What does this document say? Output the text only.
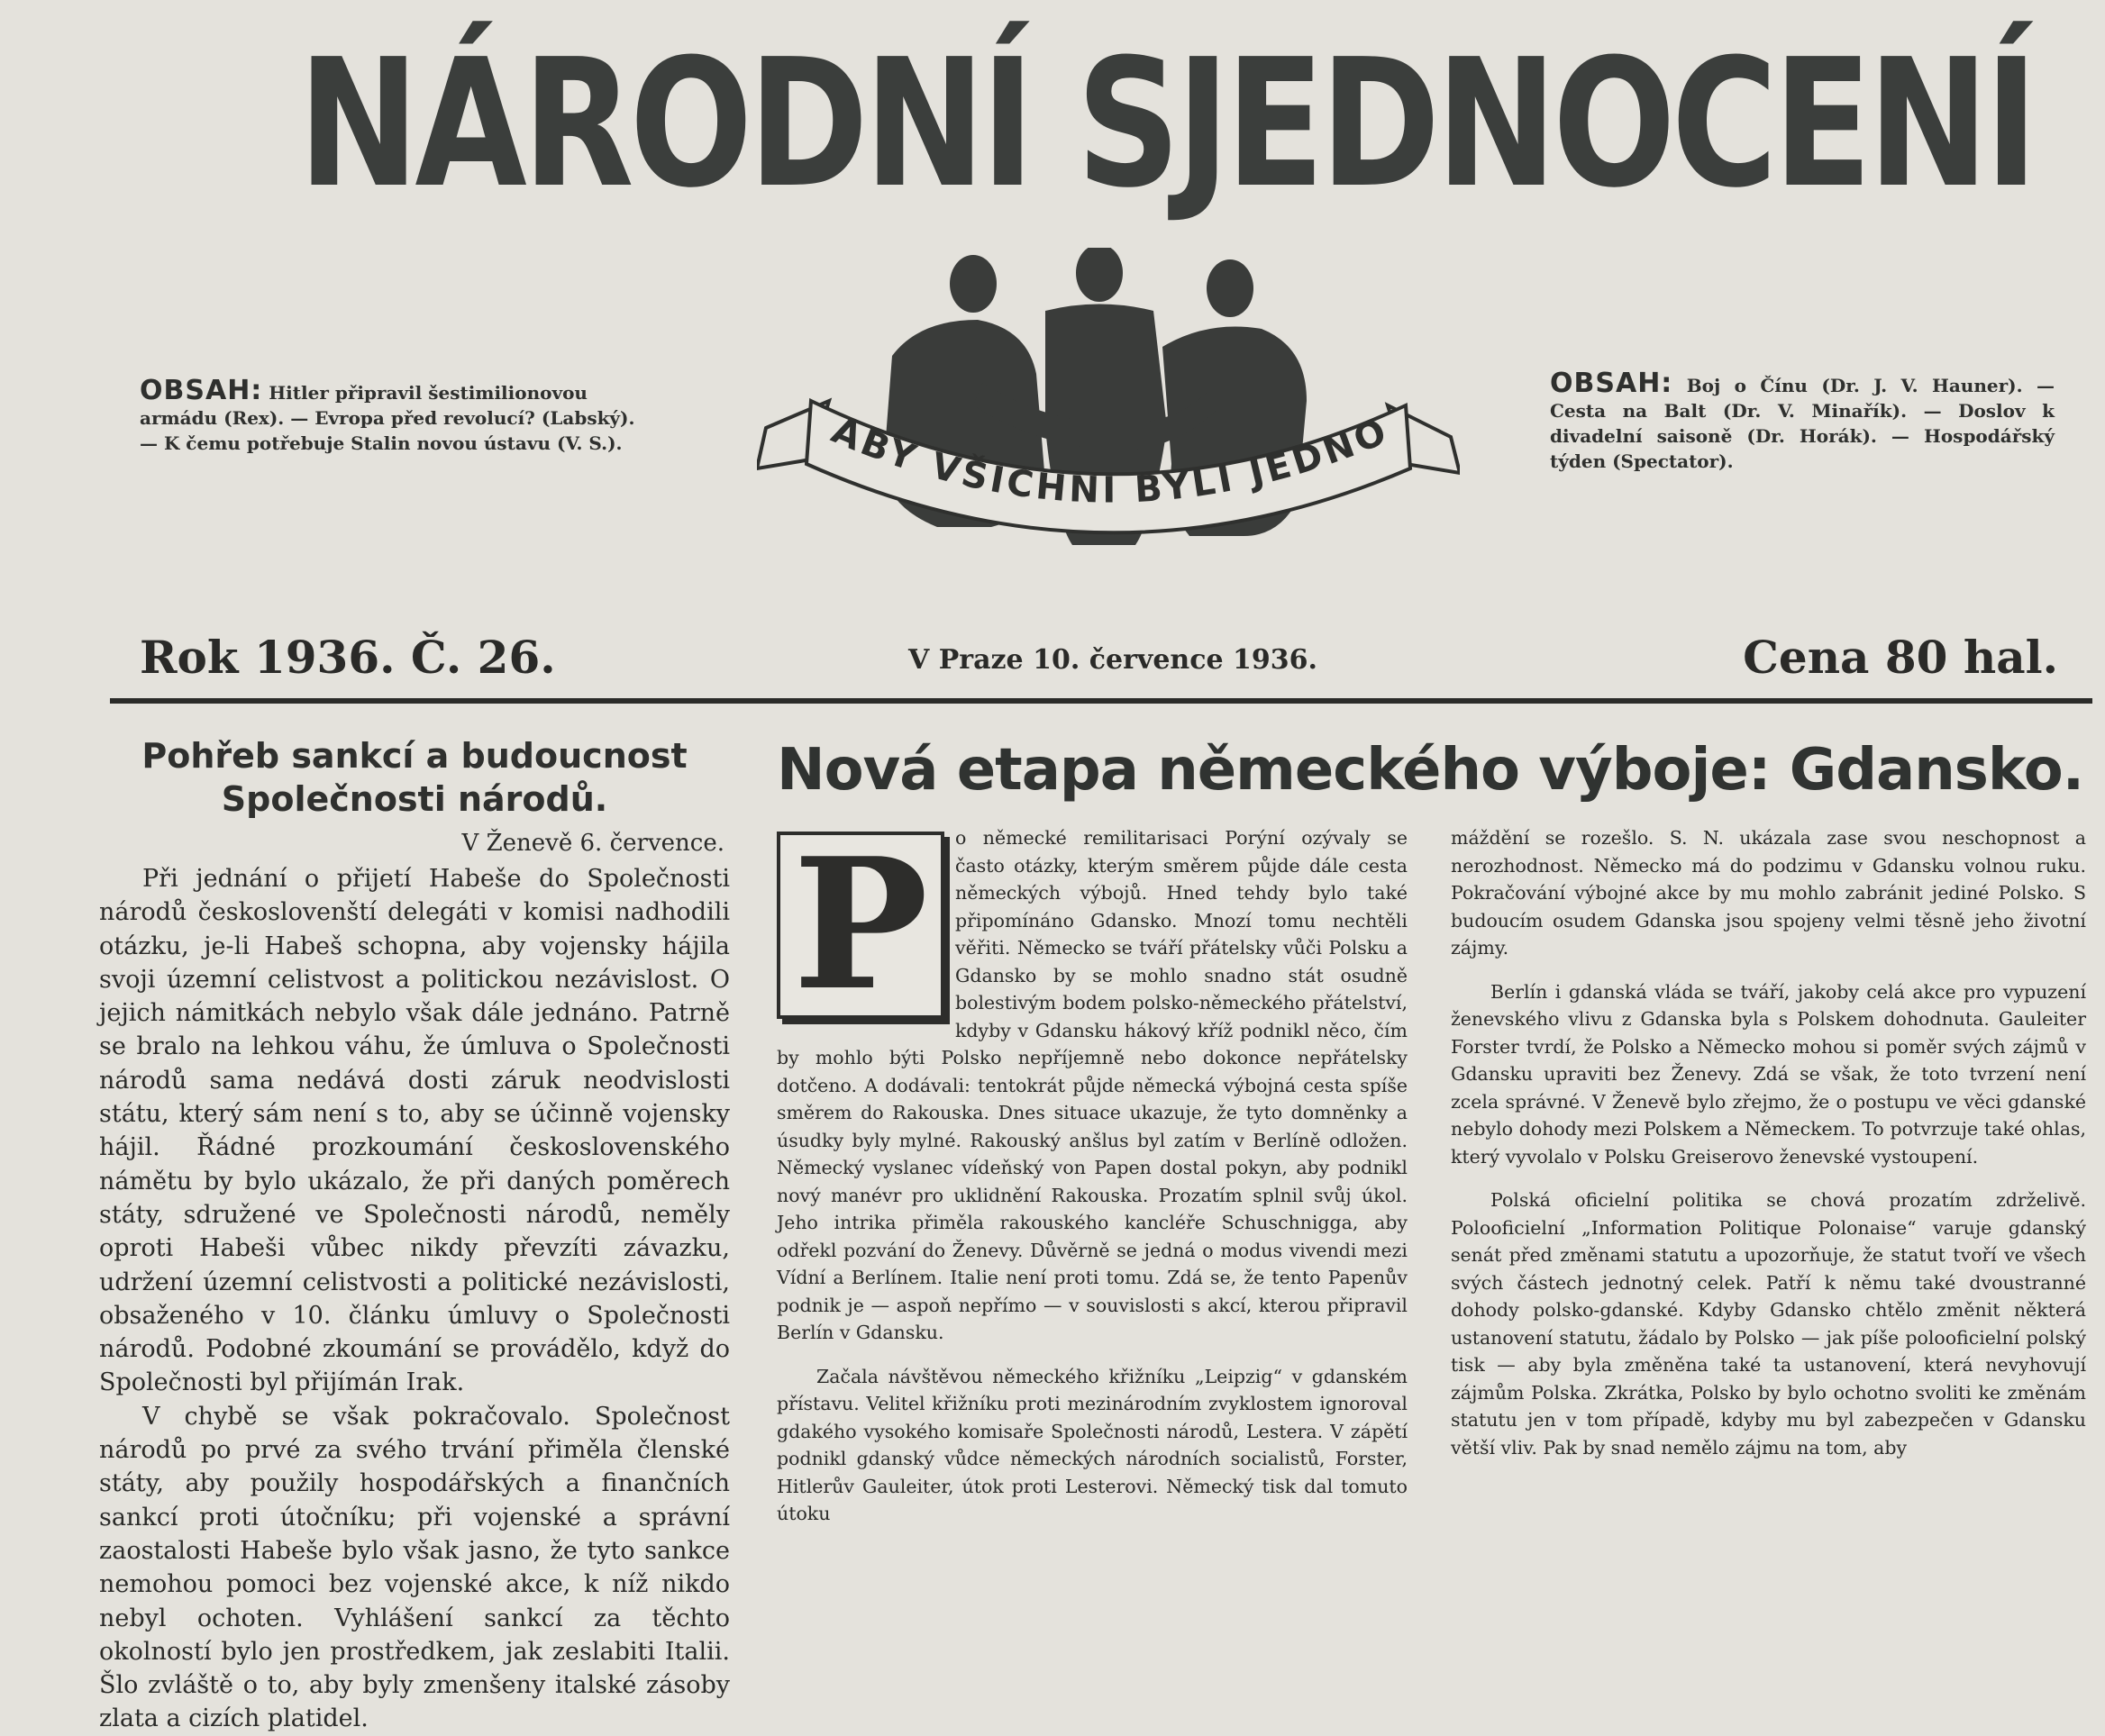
NÁRODNÍ SJEDNOCENÍ
OBSAH: Hitler připravil šestimilionovou armádu (Rex). — Evropa před revolucí? (Labský). — K čemu potřebuje Stalin novou ústavu (V. S.).	ABY VŠICHNI BYLI JEDNO
OBSAH: Boj o Čínu (Dr. J. V. Hauner). — Cesta na Balt (Dr. V. Minařík). — Doslov k divadelní saisoně (Dr. Horák). — Hospodářský týden (Spectator).
Rok 1936. Č. 26.	V Praze 10. července 1936.	Cena 80 hal.
Pohřeb sankcí a budoucnost Společnosti národů.
V Ženevě 6. července.

Při jednání o přijetí Habeše do Společnosti národů českoslovenští delegáti v komisi nadhodili otázku, je-li Habeš schopna, aby vojensky hájila svoji územní celistvost a politickou nezávislost. O jejich námitkách nebylo však dále jednáno. Patrně se bralo na lehkou váhu, že úmluva o Společnosti národů sama nedává dosti záruk neodvislosti státu, který sám není s to, aby se účinně vojensky hájil. Řádné prozkoumání československého námětu by bylo ukázalo, že při daných poměrech státy, sdružené ve Společnosti národů, neměly oproti Habeši vůbec nikdy převzíti závazku, udržení územní celistvosti a politické nezávislosti, obsaženého v 10. článku úmluvy o Společnosti národů. Podobné zkoumání se provádělo, když do Společnosti byl přijímán Irak.

V chybě se však pokračovalo. Společnost národů po prvé za svého trvání přiměla členské státy, aby použily hospodářských a finančních sankcí proti útočníku; při vojenské a správní zaostalosti Habeše bylo však jasno, že tyto sankce nemohou pomoci bez vojenské akce, k níž nikdo nebyl ochoten. Vyhlášení sankcí za těchto okolností bylo jen prostředkem, jak zeslabiti Italii. Šlo zvláště o to, aby byly zmenšeny italské zásoby zlata a cizích platidel.

Nová etapa německého výboje: Gdansko.
P	o německé remilitarisaci Porýní ozývaly se často otázky, kterým směrem půjde dále cesta německých výbojů. Hned tehdy bylo také připomínáno Gdansko. Mnozí tomu nechtěli věřiti. Německo se tváří přátelsky vůči Polsku a Gdansko by se mohlo snadno stát osudně bolestivým bodem polsko-německého přátelství, kdyby v Gdansku hákový kříž podnikl něco, čím by mohlo býti Polsko nepříjemně nebo dokonce nepřátelsky dotčeno. A dodávali: tentokrát půjde německá výbojná cesta spíše směrem do Rakouska. Dnes situace ukazuje, že tyto domněnky a úsudky byly mylné. Rakouský anšlus byl zatím v Berlíně odložen. Německý vyslanec vídeňský von Papen dostal pokyn, aby podnikl nový manévr pro uklidnění Rakouska. Prozatím splnil svůj úkol. Jeho intrika přiměla rakouského kancléře Schuschnigga, aby odřekl pozvání do Ženevy. Důvěrně se jedná o modus vivendi mezi Vídní a Berlínem. Italie není proti tomu. Zdá se, že tento Papenův podnik je — aspoň nepřímo — v souvislosti s akcí, kterou připravil Berlín v Gdansku.

Začala návštěvou německého křižníku „Leipzig“ v gdanském přístavu. Velitel křižníku proti mezinárodním zvyklostem ignoroval gda​kého vysokého komisaře Společnosti národů, Lestera. V zápětí podnikl gdanský vůdce německých národních socialistů, Forster, Hitlerův Gauleiter, útok proti Lesterovi. Německý tisk dal tomuto útoku

máždění se rozešlo. S. N. ukázala zase svou neschopnost a nerozhodnost. Německo má do podzimu v Gdansku volnou ruku. Pokračování výbojné akce by mu mohlo zabránit jediné Polsko. S budoucím osudem Gdanska jsou spojeny velmi těsně jeho životní zájmy.

Berlín i gdanská vláda se tváří, jakoby celá akce pro vypuzení ženevského vlivu z Gdanska byla s Polskem dohodnuta. Gauleiter Forster tvrdí, že Polsko a Německo mohou si poměr svých zájmů v Gdansku upraviti bez Ženevy. Zdá se však, že toto tvrzení není zcela správné. V Ženevě bylo zřejmo, že o postupu ve věci gdanské nebylo dohody mezi Polskem a Německem. To potvrzuje také ohlas, který vyvolalo v Polsku Greiserovo ženevské vystoupení.

Polská oficielní politika se chová prozatím zdrželivě. Polooficielní „Information Politique Polonaise“ varuje gdanský senát před změnami statutu a upozorňuje, že statut tvoří ve všech svých částech jednotný celek. Patří k němu také dvoustranné dohody polsko-gdanské. Kdyby Gdansko chtělo změnit některá ustanovení statutu, žádalo by Polsko — jak píše polooficielní polský tisk — aby byla změněna také ta ustanovení, která nevyhovují zájmům Polska. Zkrátka, Polsko by bylo ochotno svoliti ke změnám statutu jen v tom případě, kdyby mu byl zabezpečen v Gdansku větší vliv. Pak by snad nemělo zájmu na tom, aby
